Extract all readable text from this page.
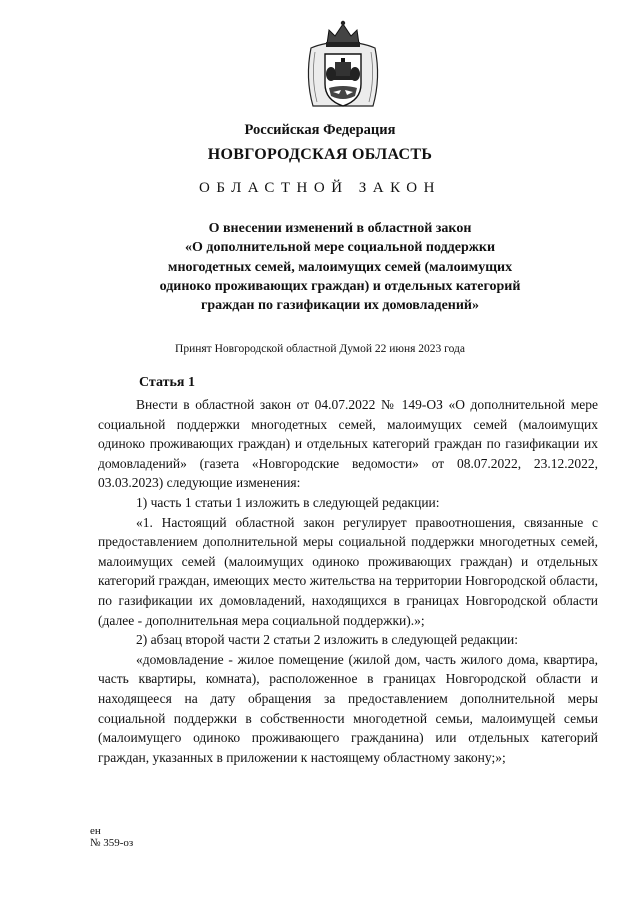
Российская Федерация
НОВГОРОДСКАЯ ОБЛАСТЬ
ОБЛАСТНОЙ ЗАКОН
О внесении изменений в областной закон
«О дополнительной мере социальной поддержки
многодетных семей, малоимущих семей (малоимущих
одиноко проживающих граждан) и отдельных категорий
граждан по газификации их домовладений»
Принят Новгородской областной Думой 22 июня 2023 года
Статья 1

Внести в областной закон от 04.07.2022 № 149-ОЗ «О дополнительной мере социальной поддержки многодетных семей, малоимущих семей (малоимущих одиноко проживающих граждан) и отдельных категорий граждан по газификации их домовладений» (газета «Новгородские ведомости» от 08.07.2022, 23.12.2022, 03.03.2023) следующие изменения:

1) часть 1 статьи 1 изложить в следующей редакции:

«1. Настоящий областной закон регулирует правоотношения, связанные с предоставлением дополнительной меры социальной поддержки многодетных семей, малоимущих семей (малоимущих одиноко проживающих граждан) и отдельных категорий граждан, имеющих место жительства на территории Новгородской области, по газификации их домовладений, находящихся в границах Новгородской области (далее - дополнительная мера социальной поддержки).»;

2) абзац второй части 2 статьи 2 изложить в следующей редакции:

«домовладение - жилое помещение (жилой дом, часть жилого дома, квартира, часть квартиры, комната), расположенное в границах Новгородской области и находящееся на дату обращения за предоставлением дополнительной меры социальной поддержки в собственности многодетной семьи, малоимущей семьи (малоимущего одиноко проживающего гражданина) или отдельных категорий граждан, указанных в приложении к настоящему областному закону;»;

ен
№ 359-оз
